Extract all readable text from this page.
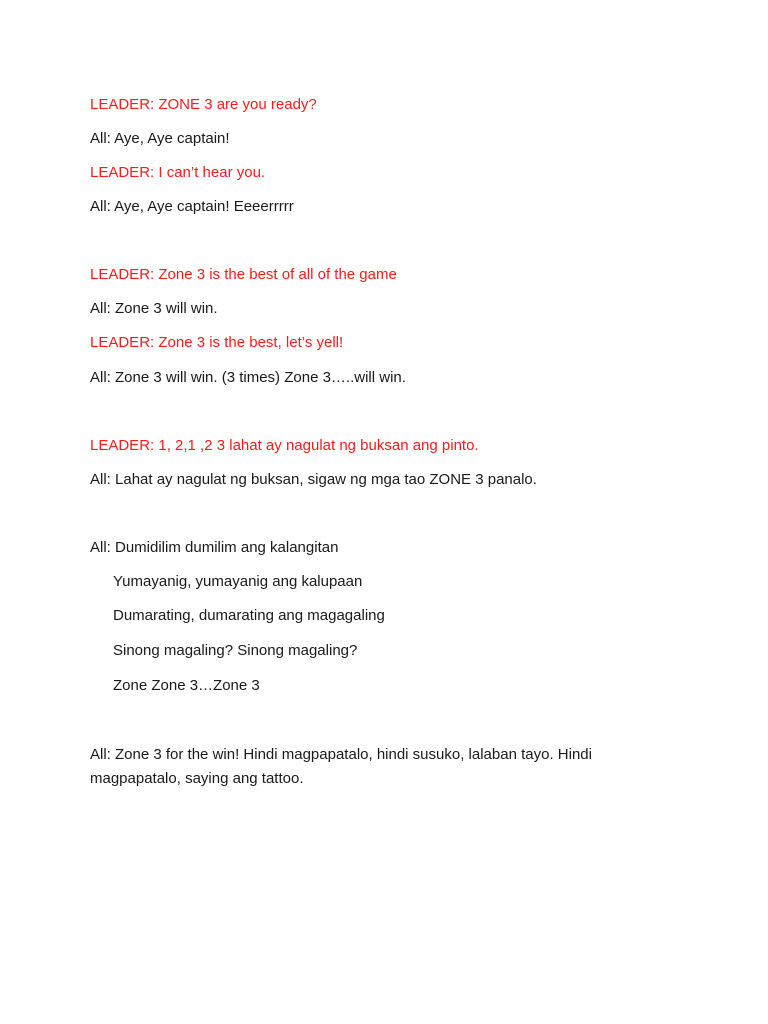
LEADER: ZONE 3 are you ready?
All: Aye, Aye captain!
LEADER: I can’t hear you.
All: Aye, Aye captain! Eeeerrrrr
LEADER: Zone 3 is the best of all of the game
All: Zone 3 will win.
LEADER: Zone 3 is the best, let’s yell!
All: Zone 3 will win. (3 times) Zone 3…..will win.
LEADER: 1, 2,1 ,2 3 lahat ay nagulat ng buksan ang pinto.
All: Lahat ay nagulat ng buksan, sigaw ng mga tao ZONE 3 panalo.
All: Dumidilim dumilim ang kalangitan
Yumayanig, yumayanig ang kalupaan
Dumarating, dumarating ang magagaling
Sinong magaling? Sinong magaling?
Zone Zone 3…Zone 3
All: Zone 3 for the win! Hindi magpapatalo, hindi susuko, lalaban tayo. Hindi magpapatalo, saying ang tattoo.
